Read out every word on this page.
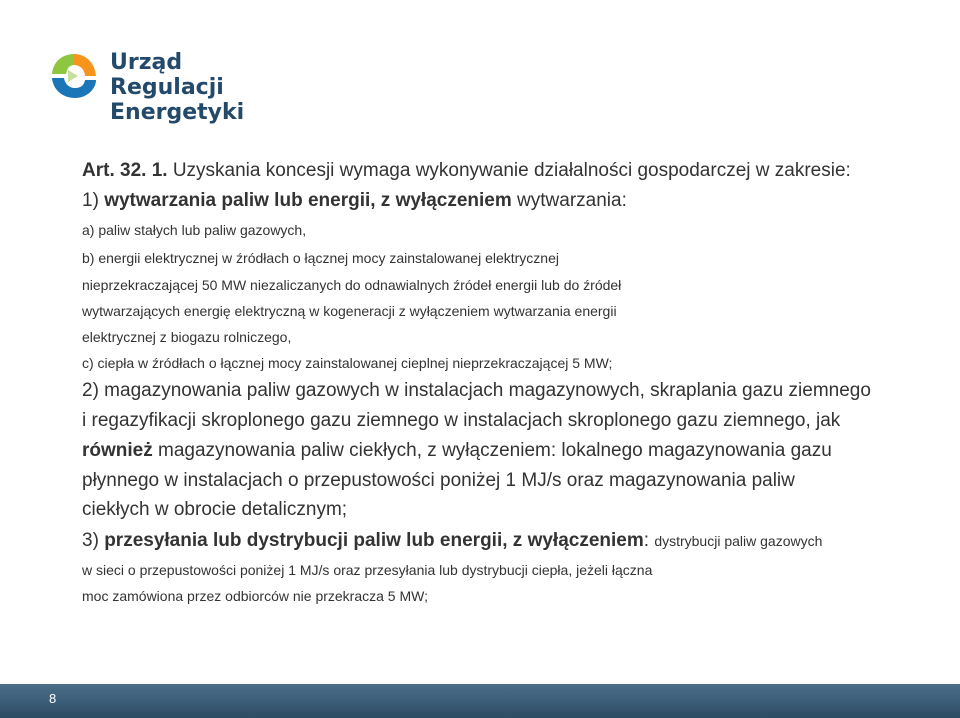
Urząd Regulacji
Energetyki
Art. 32. 1. Uzyskania koncesji wymaga wykonywanie działalności gospodarczej w zakresie:
1) wytwarzania paliw lub energii, z wyłączeniem wytwarzania:
a) paliw stałych lub paliw gazowych,
b) energii elektrycznej w źródłach o łącznej mocy zainstalowanej elektrycznej
nieprzekraczającej 50 MW niezaliczanych do odnawialnych źródeł energii lub do źródeł
wytwarzających energię elektryczną w kogeneracji z wyłączeniem wytwarzania energii
elektrycznej z biogazu rolniczego,
c) ciepła w źródłach o łącznej mocy zainstalowanej cieplnej nieprzekraczającej 5 MW;
2) magazynowania paliw gazowych w instalacjach magazynowych, skraplania gazu ziemnego
i regazyfikacji skroplonego gazu ziemnego w instalacjach skroplonego gazu ziemnego, jak
również magazynowania paliw ciekłych, z wyłączeniem: lokalnego magazynowania gazu
płynnego w instalacjach o przepustowości poniżej 1 MJ/s oraz magazynowania paliw
ciekłych w obrocie detalicznym;
3) przesyłania lub dystrybucji paliw lub energii, z wyłączeniem: dystrybucji paliw gazowych
w sieci o przepustowości poniżej 1 MJ/s oraz przesyłania lub dystrybucji ciepła, jeżeli łączna
moc zamówiona przez odbiorców nie przekracza 5 MW;
8
